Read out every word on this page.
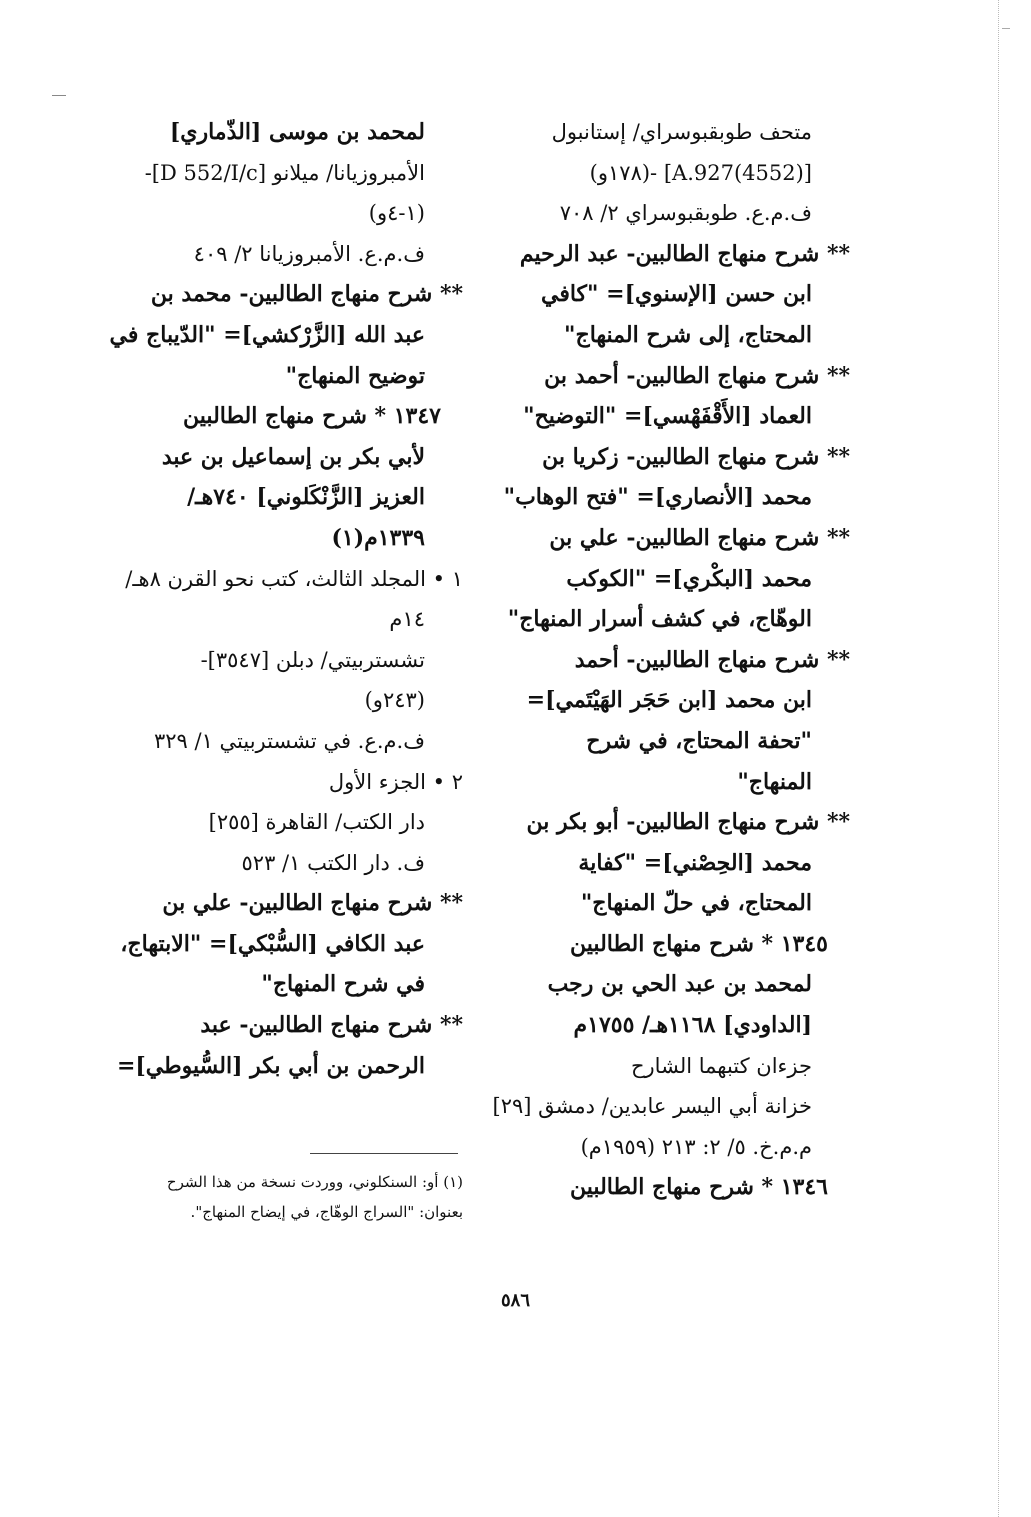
متحف طوبقبوسراي/ إستانبول
[A.927(4552)] -(١٧٨و)
ف.م.ع. طوبقبوسراي ٢/ ٧٠٨
** شرح منهاج الطالبين- عبد الرحيم
ابن حسن [الإسنوي]= "كافي
المحتاج، إلى شرح المنهاج"
** شرح منهاج الطالبين- أحمد بن
العماد [الأَقْفَهْسي]= "التوضيح"
** شرح منهاج الطالبين- زكريا بن
محمد [الأنصاري]= "فتح الوهاب"
** شرح منهاج الطالبين- علي بن
محمد [البكْري]= "الكوكب
الوهّاج، في كشف أسرار المنهاج"
** شرح منهاج الطالبين- أحمد
ابن محمد [ابن حَجَر الهَيْتَمي]=
"تحفة المحتاج، في شرح
المنهاج"
** شرح منهاج الطالبين- أبو بكر بن
محمد [الحِصْني]= "كفاية
المحتاج، في حلّ المنهاج"
١٣٤٥ * شرح منهاج الطالبين
لمحمد بن عبد الحي بن رجب
[الداودي] ١١٦٨هـ/ ١٧٥٥م
جزءان كتبهما الشارح
خزانة أبي اليسر عابدين/ دمشق [٢٩]
م.م.خ. ٥/ ٢: ٢١٣ (١٩٥٩م)
١٣٤٦ * شرح منهاج الطالبين
لمحمد بن موسى [الذّماري]
الأمبروزيانا/ ميلانو [D 552/I/c]-
(١-٤و)
ف.م.ع. الأمبروزيانا ٢/ ٤٠٩
** شرح منهاج الطالبين- محمد بن
عبد الله [الزَّرْكشي]= "الدّيباج في
توضيح المنهاج"
١٣٤٧ * شرح منهاج الطالبين
لأبي بكر بن إسماعيل بن عبد
العزيز [الزَّنْكَلوني] ٧٤٠هـ/
١٣٣٩م(١)
١ • المجلد الثالث، كتب نحو القرن ٨هـ/
١٤م
تشستربيتي/ دبلن [٣٥٤٧]-
(٢٤٣و)
ف.م.ع. في تشستربيتي ١/ ٣٢٩
٢ • الجزء الأول
دار الكتب/ القاهرة [٢٥٥]
ف. دار الكتب ١/ ٥٢٣
** شرح منهاج الطالبين- علي بن
عبد الكافي [السُّبْكي]= "الابتهاج،
في شرح المنهاج"
** شرح منهاج الطالبين- عبد
الرحمن بن أبي بكر [السُّيوطي]=
(١) أو: السنكلوني، ووردت نسخة من هذا الشرح
بعنوان: "السراج الوهّاج، في إيضاح المنهاج".
٥٨٦
